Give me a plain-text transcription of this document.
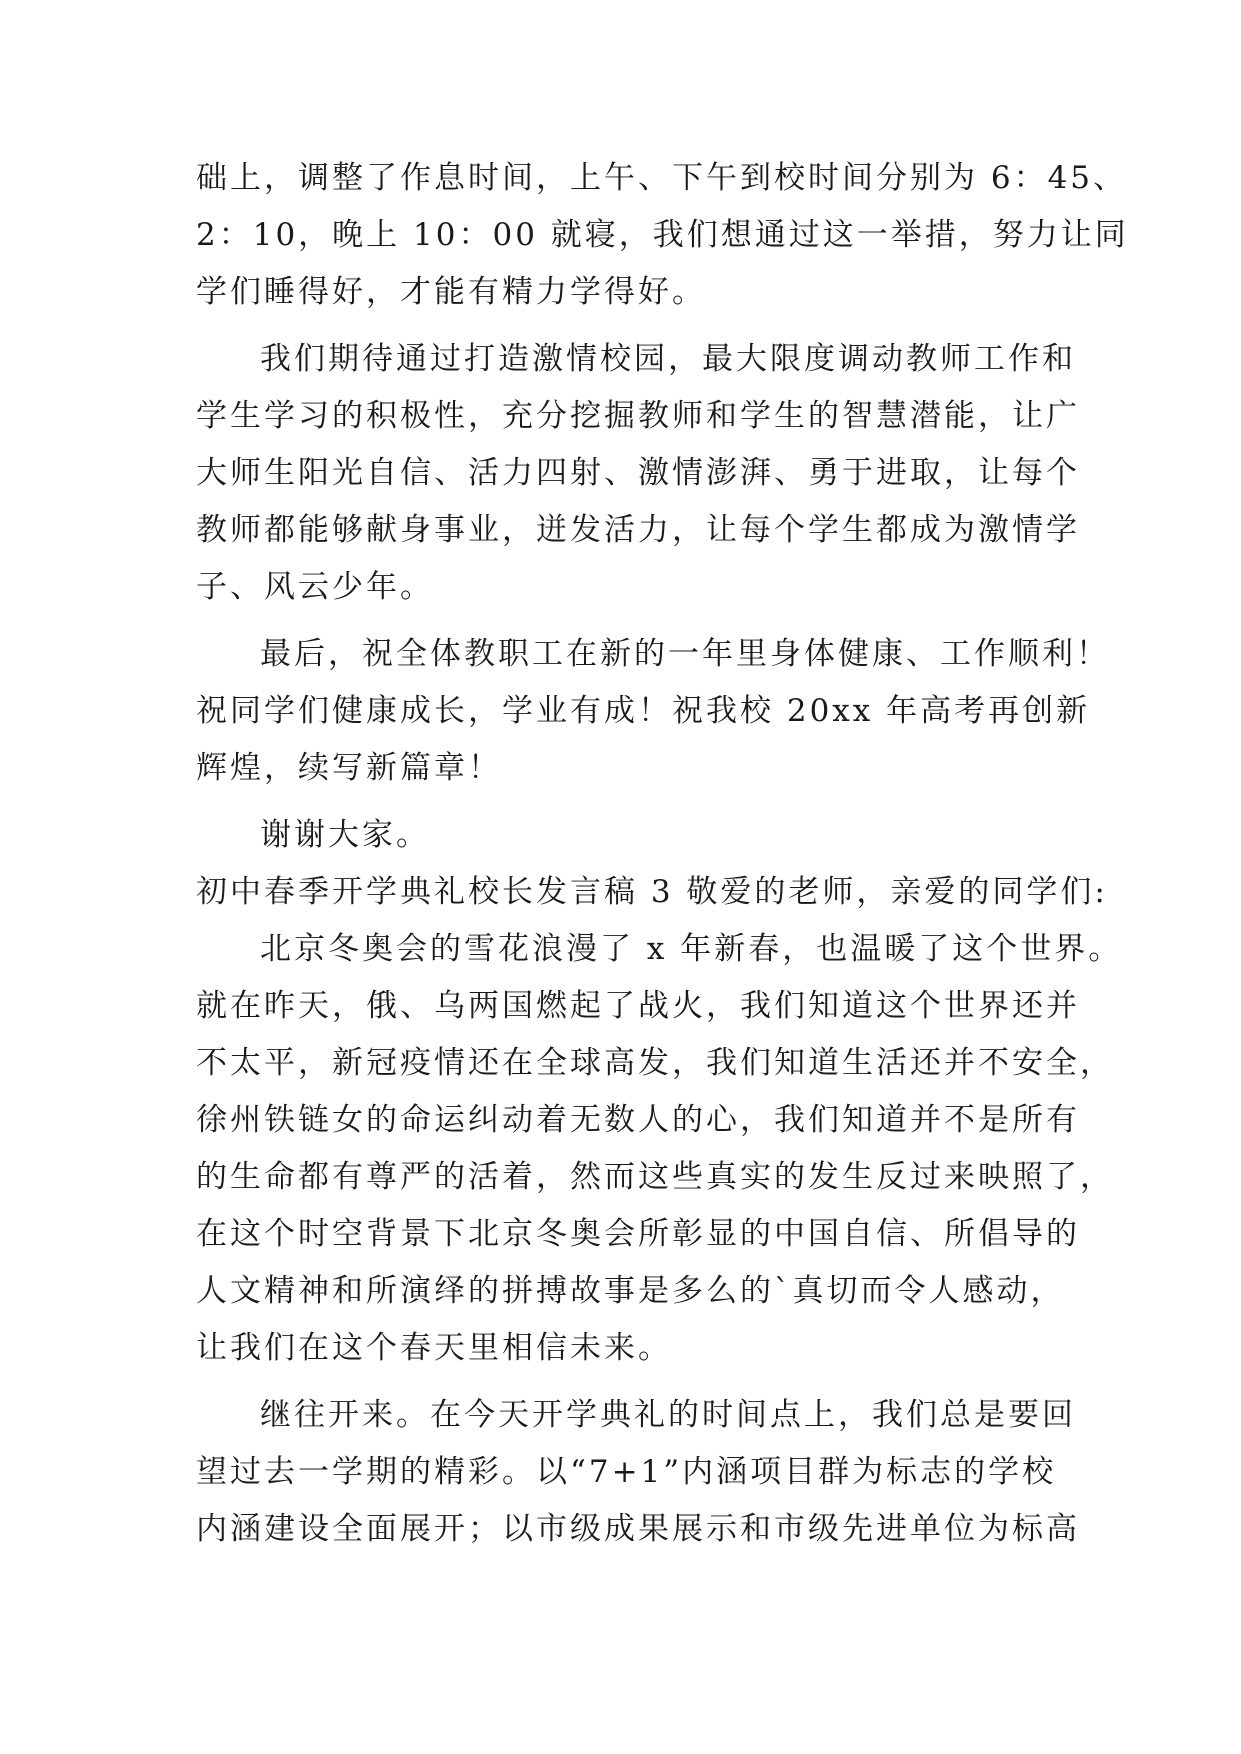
础上，调整了作息时间，上午、下午到校时间分别为 6：45、
2：10，晚上 10：00 就寝，我们想通过这一举措，努力让同
学们睡得好，才能有精力学得好。
我们期待通过打造激情校园，最大限度调动教师工作和
学生学习的积极性，充分挖掘教师和学生的智慧潜能，让广
大师生阳光自信、活力四射、激情澎湃、勇于进取，让每个
教师都能够献身事业，迸发活力，让每个学生都成为激情学
子、风云少年。
最后，祝全体教职工在新的一年里身体健康、工作顺利！
祝同学们健康成长，学业有成！祝我校 20xx 年高考再创新
辉煌，续写新篇章！
谢谢大家。
初中春季开学典礼校长发言稿 3 敬爱的老师，亲爱的同学们:
北京冬奥会的雪花浪漫了 x 年新春，也温暖了这个世界。
就在昨天，俄、乌两国燃起了战火，我们知道这个世界还并
不太平，新冠疫情还在全球高发，我们知道生活还并不安全，
徐州铁链女的命运纠动着无数人的心，我们知道并不是所有
的生命都有尊严的活着，然而这些真实的发生反过来映照了，
在这个时空背景下北京冬奥会所彰显的中国自信、所倡导的
人文精神和所演绎的拼搏故事是多么的`真切而令人感动，
让我们在这个春天里相信未来。
继往开来。在今天开学典礼的时间点上，我们总是要回
望过去一学期的精彩。以“7+1”内涵项目群为标志的学校
内涵建设全面展开；以市级成果展示和市级先进单位为标高
